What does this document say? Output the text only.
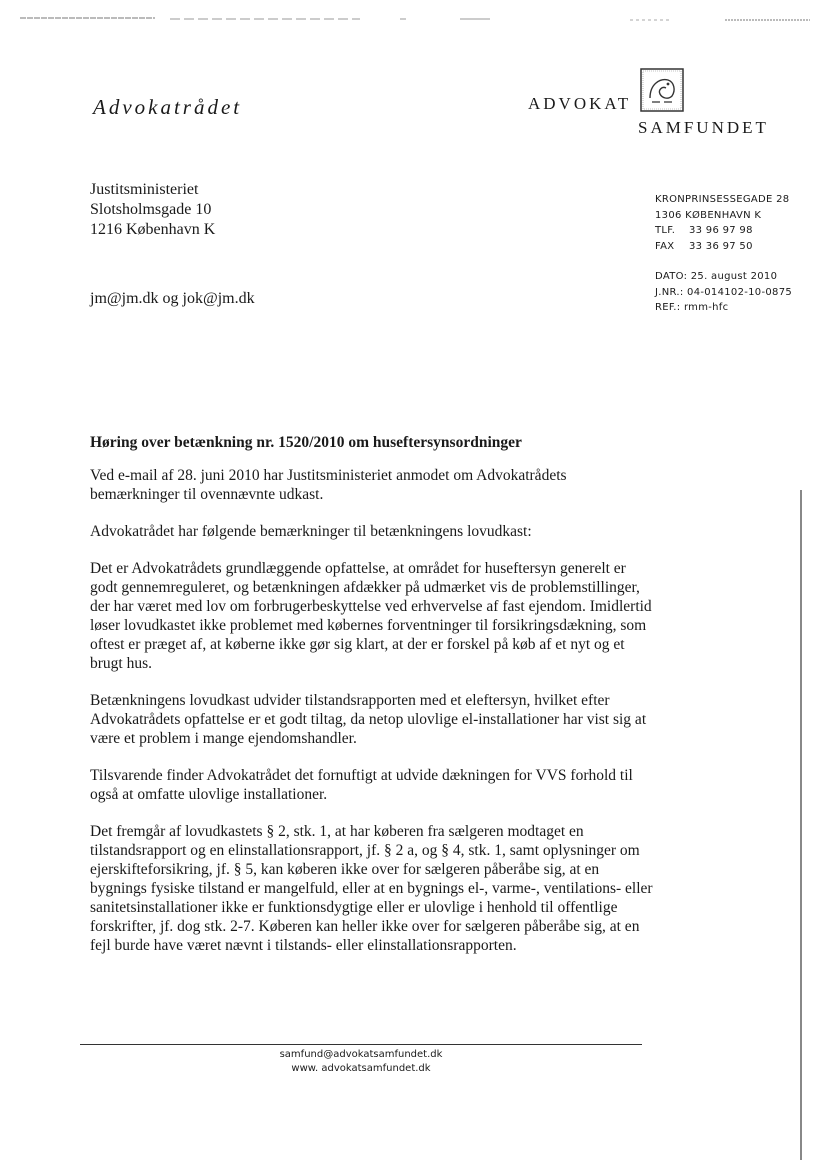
Advokatrådet	ADVOKAT
SAMFUNDET
Justitsministeriet
Slotsholmsgade 10
1216 København K
jm@jm.dk og jok@jm.dk
KRONPRINSESSEGADE 28
1306 KØBENHAVN K
TLF. 33 96 97 98
FAX 33 36 97 50
DATO: 25. august 2010
J.NR.: 04-014102-10-0875
REF.: rmm-hfc
Høring over betænkning nr. 1520/2010 om huseftersynsordninger

Ved e-mail af 28. juni 2010 har Justitsministeriet anmodet om Advokatrådets bemærkninger til ovennævnte udkast.

Advokatrådet har følgende bemærkninger til betænkningens lovudkast:

Det er Advokatrådets grundlæggende opfattelse, at området for huseftersyn generelt er godt gennemreguleret, og betænkningen afdækker på udmærket vis de problemstillinger, der har været med lov om forbrugerbeskyttelse ved erhvervelse af fast ejendom. Imidlertid løser lovudkastet ikke problemet med købernes forventninger til forsikringsdækning, som oftest er præget af, at køberne ikke gør sig klart, at der er forskel på køb af et nyt og et brugt hus.

Betænkningens lovudkast udvider tilstandsrapporten med et eleftersyn, hvilket efter Advokatrådets opfattelse er et godt tiltag, da netop ulovlige el-installationer har vist sig at være et problem i mange ejendomshandler.

Tilsvarende finder Advokatrådet det fornuftigt at udvide dækningen for VVS forhold til også at omfatte ulovlige installationer.

Det fremgår af lovudkastets § 2, stk. 1, at har køberen fra sælgeren modtaget en tilstandsrapport og en elinstallationsrapport, jf. § 2 a, og § 4, stk. 1, samt oplysninger om ejerskifteforsikring, jf. § 5, kan køberen ikke over for sælgeren påberåbe sig, at en bygnings fysiske tilstand er mangelfuld, eller at en bygnings el-, varme-, ventilations- eller sanitetsinstallationer ikke er funktionsdygtige eller er ulovlige i henhold til offentlige forskrifter, jf. dog stk. 2-7. Køberen kan heller ikke over for sælgeren påberåbe sig, at en fejl burde have været nævnt i tilstands- eller elinstallationsrapporten.

samfund@advokatsamfundet.dk
www. advokatsamfundet.dk
